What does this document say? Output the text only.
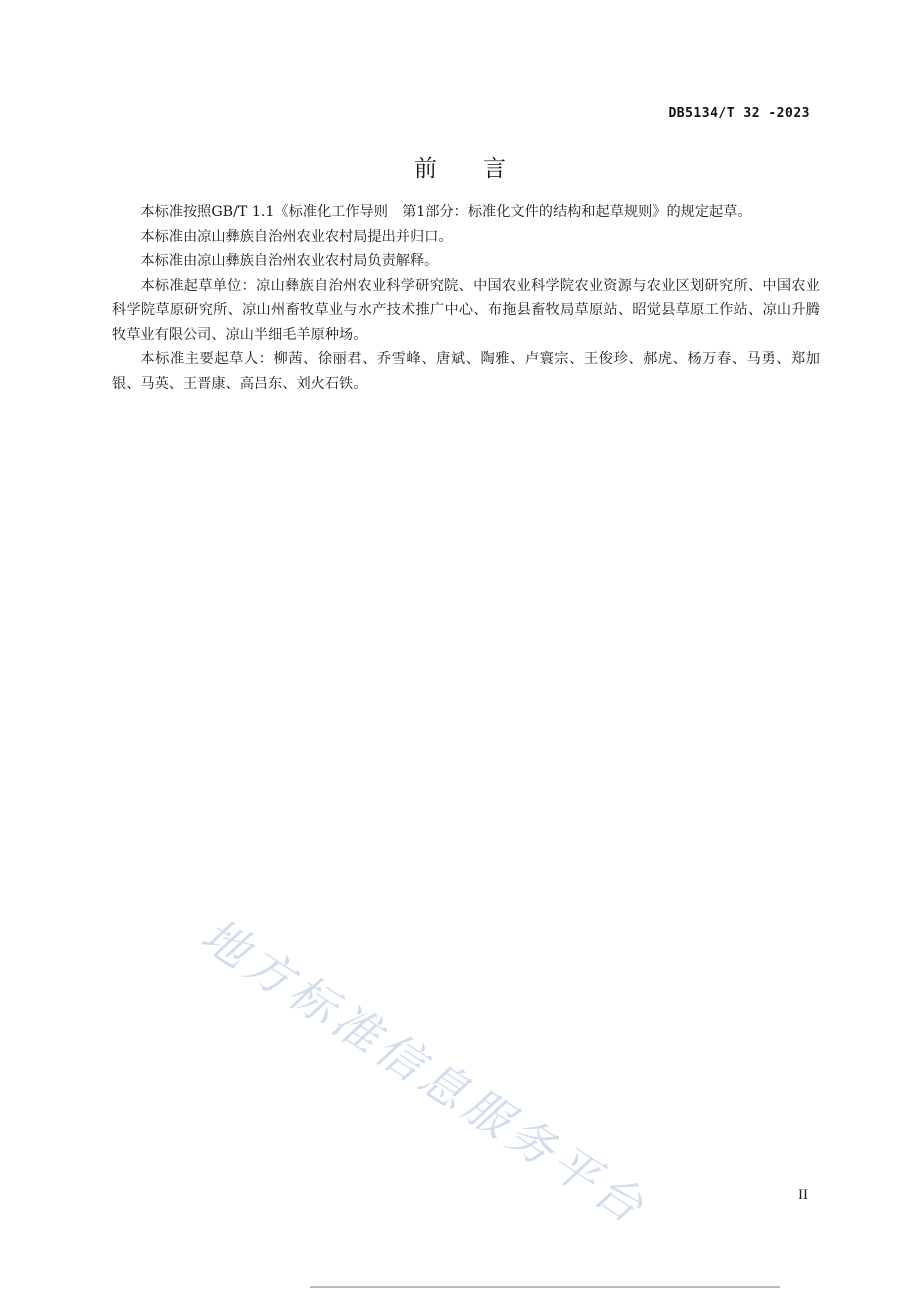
DB5134/T 32 -2023
前言

本标准按照GB/T 1.1《标准化工作导则　第1部分：标准化文件的结构和起草规则》的规定起草。

本标准由凉山彝族自治州农业农村局提出并归口。

本标准由凉山彝族自治州农业农村局负责解释。

本标准起草单位：凉山彝族自治州农业科学研究院、中国农业科学院农业资源与农业区划研究所、中国农业科学院草原研究所、凉山州畜牧草业与水产技术推广中心、布拖县畜牧局草原站、昭觉县草原工作站、凉山升腾牧草业有限公司、凉山半细毛羊原种场。

本标准主要起草人：柳茜、徐丽君、乔雪峰、唐斌、陶雅、卢寰宗、王俊珍、郝虎、杨万春、马勇、郑加银、马英、王晋康、高吕东、刘火石铁。

地方标准信息服务平台	II
